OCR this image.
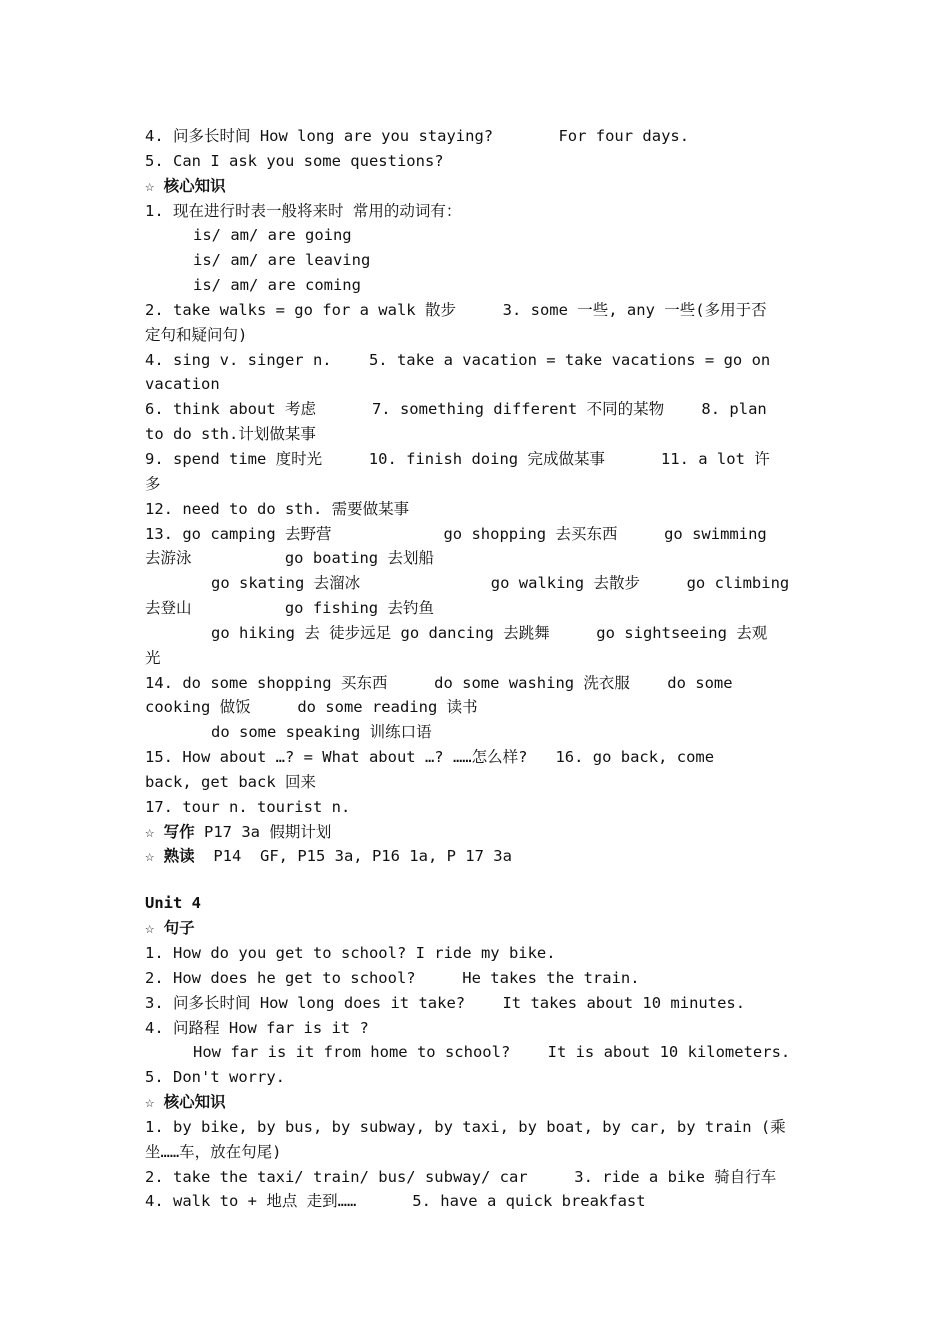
4. 问多长时间 How long are you staying?       For four days.
5. Can I ask you some questions?
☆ 核心知识
1. 现在进行时表一般将来时 常用的动词有：
is/ am/ are going
is/ am/ are leaving
is/ am/ are coming
2. take walks = go for a walk 散步     3. some 一些, any 一些(多用于否
定句和疑问句)
4. sing v. singer n.    5. take a vacation = take vacations = go on
vacation
6. think about 考虑      7. something different 不同的某物    8. plan
to do sth.计划做某事
9. spend time 度时光     10. finish doing 完成做某事      11. a lot 许
多
12. need to do sth. 需要做某事
13. go camping 去野营            go shopping 去买东西     go swimming
去游泳          go boating 去划船
go skating 去溜冰              go walking 去散步     go climbing
去登山          go fishing 去钓鱼
go hiking 去 徒步远足 go dancing 去跳舞     go sightseeing 去观
光
14. do some shopping 买东西     do some washing 洗衣服    do some
cooking 做饭     do some reading 读书
do some speaking 训练口语
15. How about …? = What about …? ……怎么样?   16. go back, come
back, get back 回来
17. tour n. tourist n.
☆ 写作 P17 3a 假期计划
☆ 熟读  P14  GF, P15 3a, P16 1a, P 17 3a
Unit 4
☆ 句子
1. How do you get to school? I ride my bike.
2. How does he get to school?     He takes the train.
3. 问多长时间 How long does it take?    It takes about 10 minutes.
4. 问路程 How far is it ?
How far is it from home to school?    It is about 10 kilometers.
5. Don't worry.
☆ 核心知识
1. by bike, by bus, by subway, by taxi, by boat, by car, by train (乘
坐……车，放在句尾)
2. take the taxi/ train/ bus/ subway/ car     3. ride a bike 骑自行车
4. walk to + 地点 走到……      5. have a quick breakfast
